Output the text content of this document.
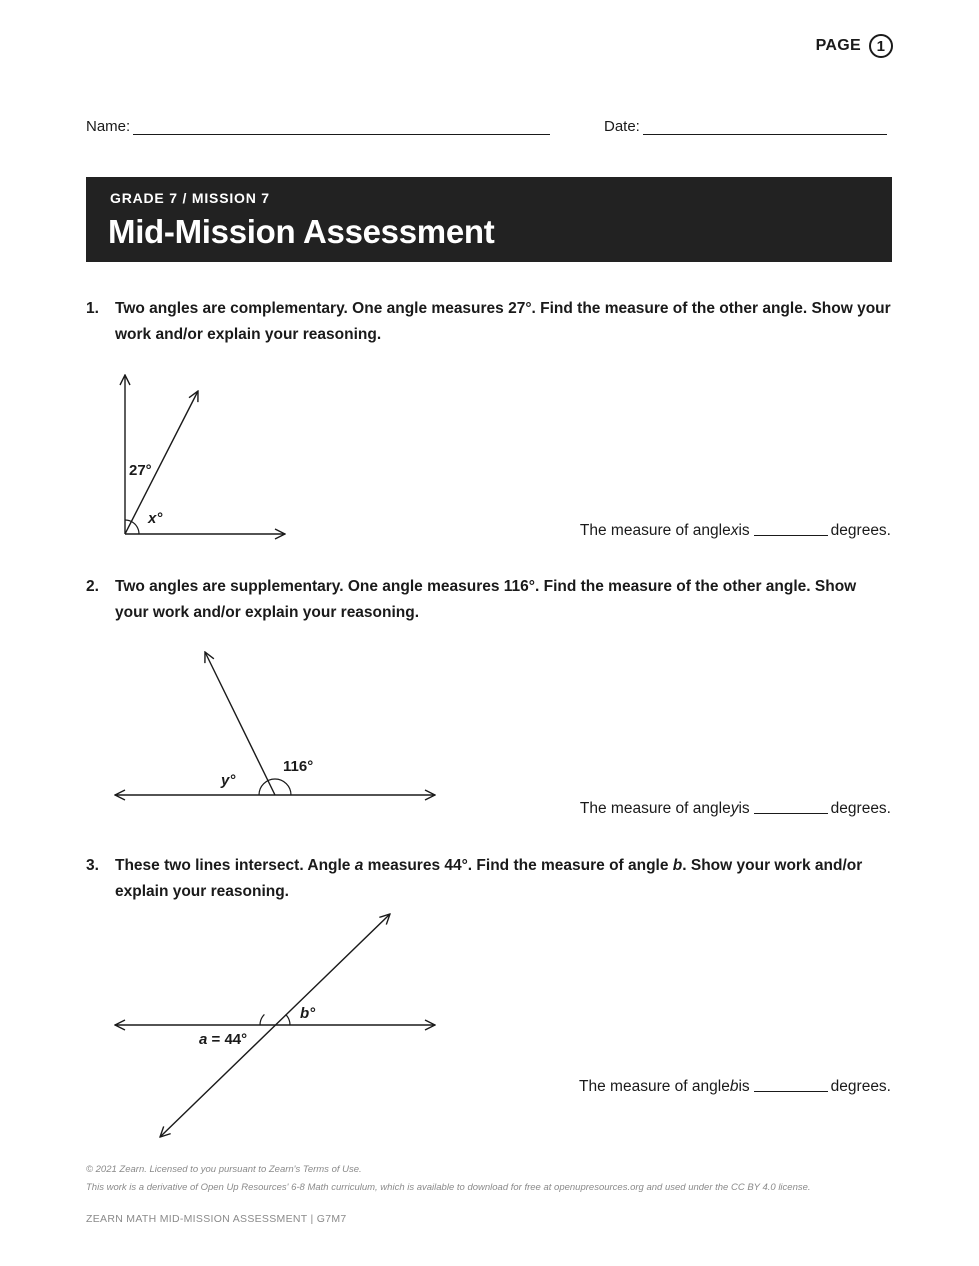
PAGE	1
Name:	Date:
GRADE 7 / MISSION 7
Mid-Mission Assessment
1. Two angles are complementary. One angle measures 27°. Find the measure of the other angle. Show your work and/or explain your reasoning.
27°
x°
The measure of angle x is	degrees.
2. Two angles are supplementary. One angle measures 116°. Find the measure of the other angle. Show your work and/or explain your reasoning.
116°
y°
The measure of angle y is	degrees.
3. These two lines intersect. Angle a measures 44°. Find the measure of angle b. Show your work and/or explain your reasoning.
a = 44°
b°
The measure of angle b is	degrees.
© 2021 Zearn. Licensed to you pursuant to Zearn's Terms of Use.
This work is a derivative of Open Up Resources' 6-8 Math curriculum, which is available to download for free at openupresources.org and used under the CC BY 4.0 license.
ZEARN MATH MID-MISSION ASSESSMENT | G7M7
